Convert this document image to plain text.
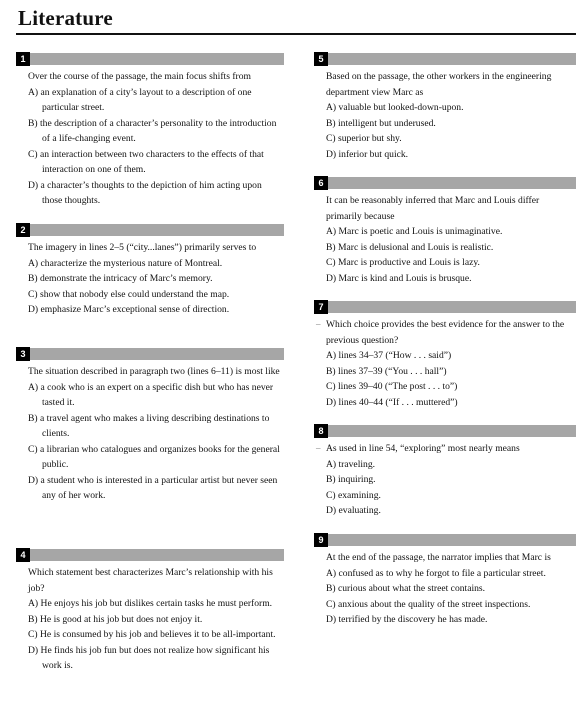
Literature
1

Over the course of the passage, the main focus shifts from

A) an explanation of a city’s layout to a description of one particular street.
B) the description of a character’s personality to the introduction of a life-changing event.
C) an interaction between two characters to the effects of that interaction on one of them.
D) a character’s thoughts to the depiction of him acting upon those thoughts.
2

The imagery in lines 2–5 (“city...lanes”) primarily serves to

A) characterize the mysterious nature of Montreal.
B) demonstrate the intricacy of Marc’s memory.
C) show that nobody else could understand the map.
D) emphasize Marc’s exceptional sense of direction.
3

The situation described in paragraph two (lines 6–11) is most like

A) a cook who is an expert on a specific dish but who has never tasted it.
B) a travel agent who makes a living describing destinations to clients.
C) a librarian who catalogues and organizes books for the general public.
D) a student who is interested in a particular artist but never seen any of her work.
4

Which statement best characterizes Marc’s relationship with his job?

A) He enjoys his job but dislikes certain tasks he must perform.
B) He is good at his job but does not enjoy it.
C) He is consumed by his job and believes it to be all-important.
D) He finds his job fun but does not realize how significant his work is.
5

Based on the passage, the other workers in the engineering department view Marc as

A) valuable but looked-down-upon.
B) intelligent but underused.
C) superior but shy.
D) inferior but quick.
6

It can be reasonably inferred that Marc and Louis differ primarily because

A) Marc is poetic and Louis is unimaginative.
B) Marc is delusional and Louis is realistic.
C) Marc is productive and Louis is lazy.
D) Marc is kind and Louis is brusque.
7

– Which choice provides the best evidence for the answer to the previous question?

A) lines 34–37 (“How . . . said”)
B) lines 37–39 (“You . . . hall”)
C) lines 39–40 (“The post . . . to”)
D) lines 40–44 (“If . . . muttered”)
8

– As used in line 54, “exploring” most nearly means

A) traveling.
B) inquiring.
C) examining.
D) evaluating.
9

At the end of the passage, the narrator implies that Marc is

A) confused as to why he forgot to file a particular street.
B) curious about what the street contains.
C) anxious about the quality of the street inspections.
D) terrified by the discovery he has made.
